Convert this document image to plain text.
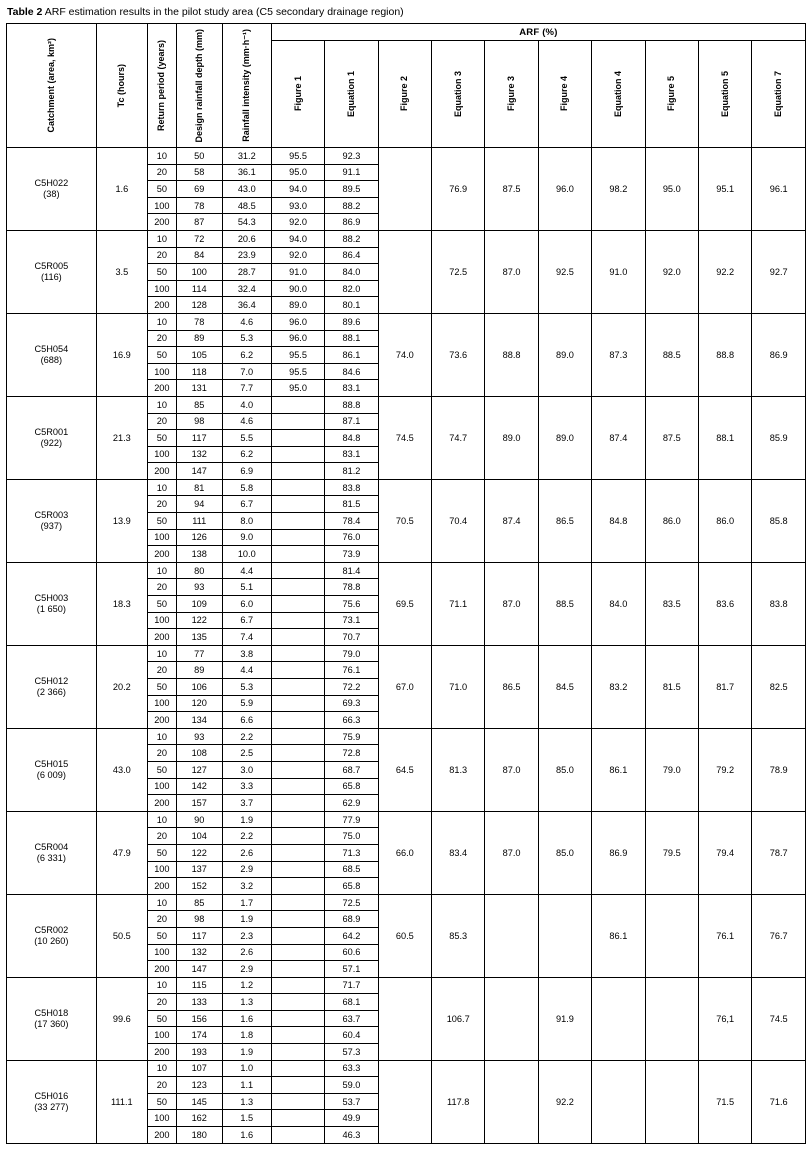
Table 2 ARF estimation results in the pilot study area (C5 secondary drainage region)
Catchment (area, km²)	Tc (hours)	Return period (years)	Design rainfall depth (mm)	Rainfall intensity (mm·h⁻¹)	ARF (%)									

					Figure 1	Equation 1	Figure 2	Equation 3	Figure 3	Figure 4	Equation 4	Figure 5	Equation 5	Equation 7

C5H022
(38)	1.6	10	50	31.2	95.5	92.3		76.9	87.5	96.0	98.2	95.0	95.1	96.1
		20	58	36.1	95.0	91.1								
		50	69	43.0	94.0	89.5								
		100	78	48.5	93.0	88.2								
		200	87	54.3	92.0	86.9								

C5R005
(116)	3.5	10	72	20.6	94.0	88.2		72.5	87.0	92.5	91.0	92.0	92.2	92.7
		20	84	23.9	92.0	86.4								
		50	100	28.7	91.0	84.0								
		100	114	32.4	90.0	82.0								
		200	128	36.4	89.0	80.1								

C5H054
(688)	16.9	10	78	4.6	96.0	89.6	74.0	73.6	88.8	89.0	87.3	88.5	88.8	86.9
		20	89	5.3	96.0	88.1								
		50	105	6.2	95.5	86.1								
		100	118	7.0	95.5	84.6								
		200	131	7.7	95.0	83.1								

C5R001
(922)	21.3	10	85	4.0		88.8	74.5	74.7	89.0	89.0	87.4	87.5	88.1	85.9
		20	98	4.6		87.1								
		50	117	5.5		84.8								
		100	132	6.2		83.1								
		200	147	6.9		81.2								

C5R003
(937)	13.9	10	81	5.8		83.8	70.5	70.4	87.4	86.5	84.8	86.0	86.0	85.8
		20	94	6.7		81.5								
		50	111	8.0		78.4								
		100	126	9.0		76.0								
		200	138	10.0		73.9								

C5H003
(1 650)	18.3	10	80	4.4		81.4	69.5	71.1	87.0	88.5	84.0	83.5	83.6	83.8
		20	93	5.1		78.8								
		50	109	6.0		75.6								
		100	122	6.7		73.1								
		200	135	7.4		70.7								

C5H012
(2 366)	20.2	10	77	3.8		79.0	67.0	71.0	86.5	84.5	83.2	81.5	81.7	82.5
		20	89	4.4		76.1								
		50	106	5.3		72.2								
		100	120	5.9		69.3								
		200	134	6.6		66.3								

C5H015
(6 009)	43.0	10	93	2.2		75.9	64.5	81.3	87.0	85.0	86.1	79.0	79.2	78.9
		20	108	2.5		72.8								
		50	127	3.0		68.7								
		100	142	3.3		65.8								
		200	157	3.7		62.9								

C5R004
(6 331)	47.9	10	90	1.9		77.9	66.0	83.4	87.0	85.0	86.9	79.5	79.4	78.7
		20	104	2.2		75.0								
		50	122	2.6		71.3								
		100	137	2.9		68.5								
		200	152	3.2		65.8								

C5R002
(10 260)	50.5	10	85	1.7		72.5	60.5	85.3			86.1		76.1	76.7
		20	98	1.9		68.9								
		50	117	2.3		64.2								
		100	132	2.6		60.6								
		200	147	2.9		57.1								

C5H018
(17 360)	99.6	10	115	1.2		71.7		106.7		91.9			76,1	74.5
		20	133	1.3		68.1								
		50	156	1.6		63.7								
		100	174	1.8		60.4								
		200	193	1.9		57.3								

C5H016
(33 277)	111.1	10	107	1.0		63.3		117.8		92.2			71.5	71.6
		20	123	1.1		59.0								
		50	145	1.3		53.7								
		100	162	1.5		49.9								
		200	180	1.6		46.3								
